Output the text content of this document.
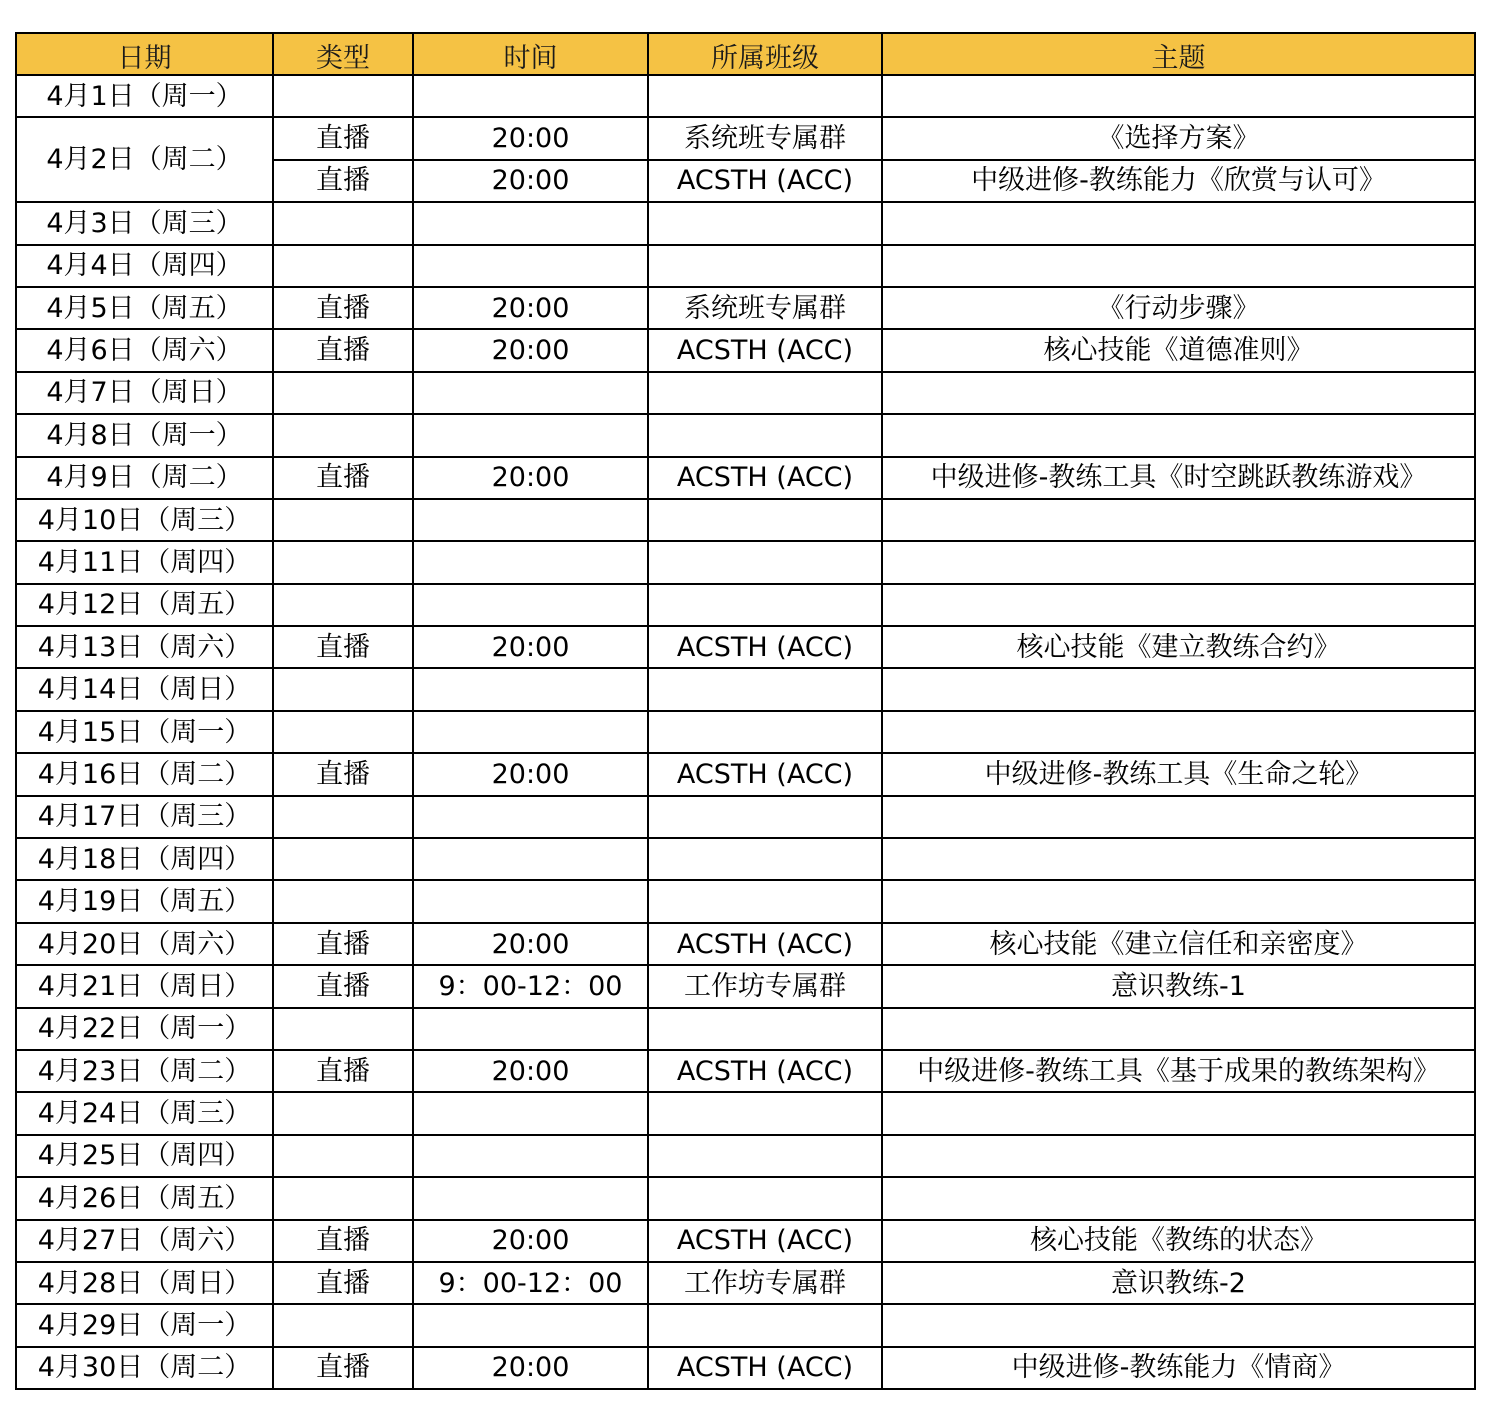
日期	类型	时间	所属班级	主题
4月1日（周一）				
4月2日（周二）	直播	20:00	系统班专属群	《选择方案》
	直播	20:00	ACSTH (ACC)	中级进修-教练能力《欣赏与认可》
4月3日（周三）				
4月4日（周四）				
4月5日（周五）	直播	20:00	系统班专属群	《行动步骤》
4月6日（周六）	直播	20:00	ACSTH (ACC)	核心技能《道德准则》
4月7日（周日）				
4月8日（周一）				
4月9日（周二）	直播	20:00	ACSTH (ACC)	中级进修-教练工具《时空跳跃教练游戏》
4月10日（周三）				
4月11日（周四）				
4月12日（周五）				
4月13日（周六）	直播	20:00	ACSTH (ACC)	核心技能《建立教练合约》
4月14日（周日）				
4月15日（周一）				
4月16日（周二）	直播	20:00	ACSTH (ACC)	中级进修-教练工具《生命之轮》
4月17日（周三）				
4月18日（周四）				
4月19日（周五）				
4月20日（周六）	直播	20:00	ACSTH (ACC)	核心技能《建立信任和亲密度》
4月21日（周日）	直播	9：00-12：00	工作坊专属群	意识教练-1
4月22日（周一）				
4月23日（周二）	直播	20:00	ACSTH (ACC)	中级进修-教练工具《基于成果的教练架构》
4月24日（周三）				
4月25日（周四）				
4月26日（周五）				
4月27日（周六）	直播	20:00	ACSTH (ACC)	核心技能《教练的状态》
4月28日（周日）	直播	9：00-12：00	工作坊专属群	意识教练-2
4月29日（周一）				
4月30日（周二）	直播	20:00	ACSTH (ACC)	中级进修-教练能力《情商》
